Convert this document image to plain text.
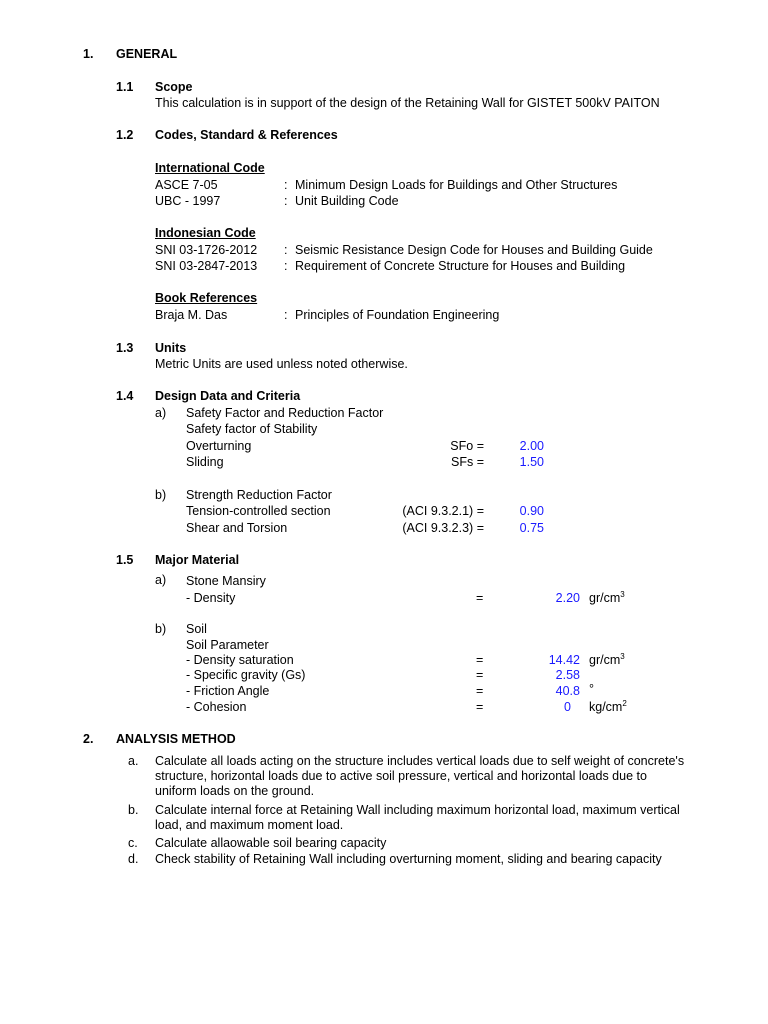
1. GENERAL
1.1 Scope
This calculation is in support of the design of the Retaining Wall for GISTET 500kV PAITON
1.2 Codes, Standard & References
International Code
ASCE 7-05	: Minimum Design Loads for Buildings and Other Structures
UBC - 1997	: Unit Building Code
Indonesian Code
SNI 03-1726-2012 : Seismic Resistance Design Code for Houses and Building Guide
SNI 03-2847-2013 : Requirement of Concrete Structure for Houses and Building
Book References
Braja M. Das	: Principles of Foundation Engineering
1.3 Units
Metric Units are used unless noted otherwise.
1.4 Design Data and Criteria
a) Safety Factor and Reduction Factor
Safety factor of Stability
Overturning	SFo =	2.00
Sliding	SFs =	1.50
b) Strength Reduction Factor
Tension-controlled section	(ACI 9.3.2.1) =	0.90
Shear and Torsion	(ACI 9.3.2.3) =	0.75
1.5 Major Material
a) Stone Mansiry
- Density	=	2.20 $gr/cm^3$
b) Soil
Soil Parameter
- Density saturation	=	14.42 $gr/cm^3$
- Specific gravity (Gs)	=	2.58
- Friction Angle	=	40.8 °
- Cohesion	=	0 $kg/cm^2$
2. ANALYSIS METHOD
a. Calculate all loads acting on the structure includes vertical loads due to self weight of concrete's
structure, horizontal loads due to active soil pressure, vertical and horizontal loads due to
uniform loads on the ground.
b. Calculate internal force at Retaining Wall including maximum horizontal load, maximum vertical
load, and maximum moment load.
c. Calculate allaowable soil bearing capacity
d. Check stability of Retaining Wall including overturning moment, sliding and bearing capacity
